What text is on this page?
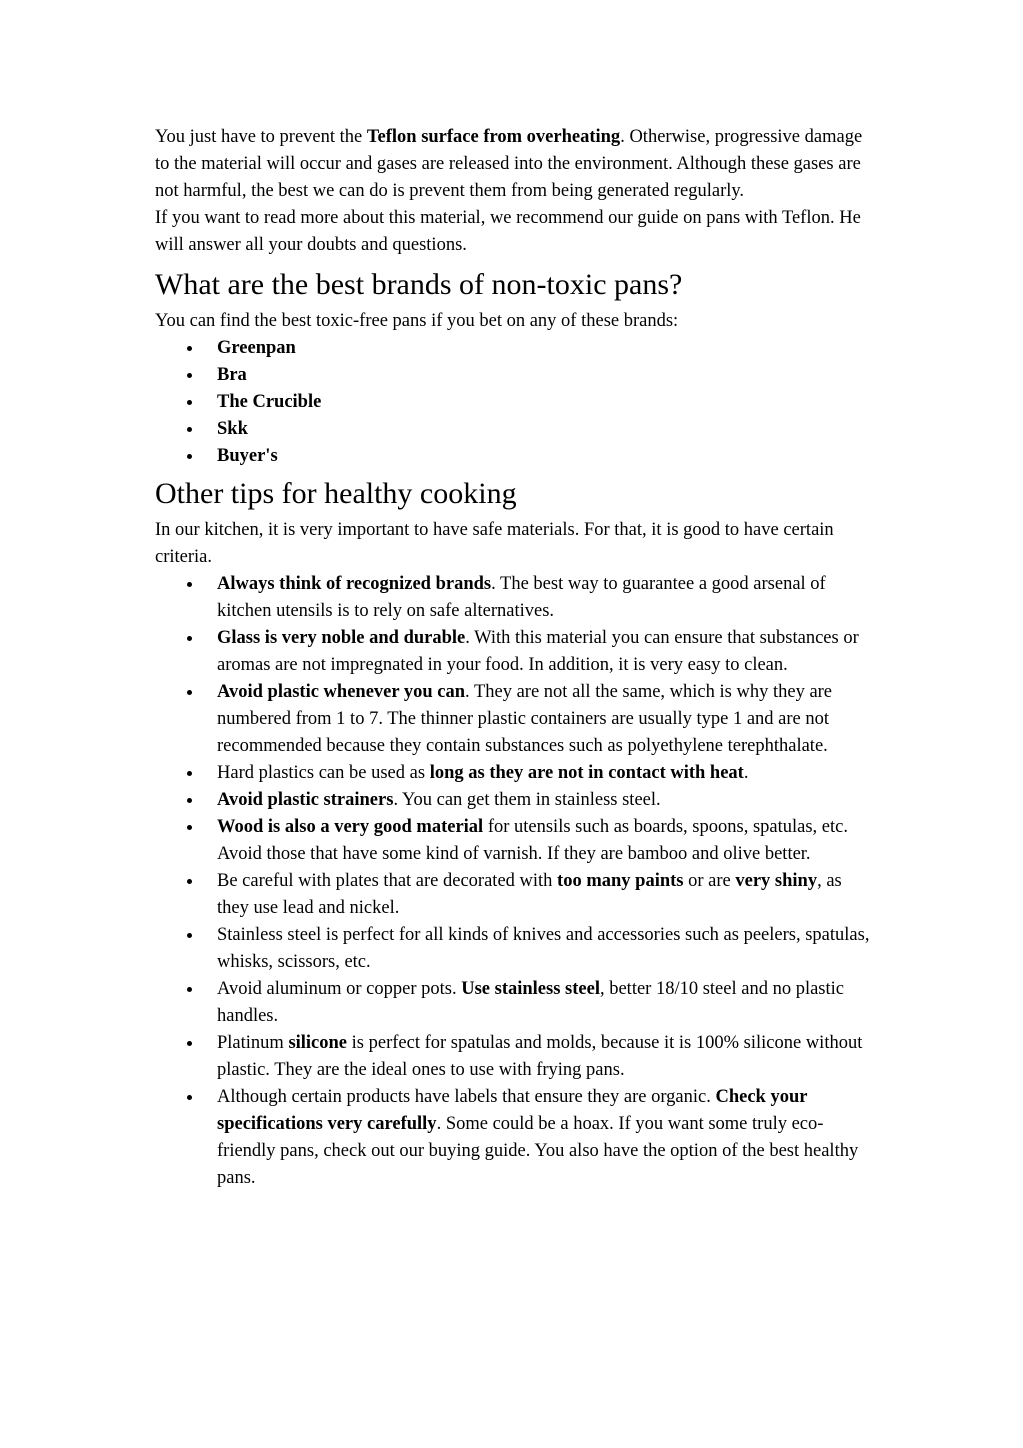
You just have to prevent the Teflon surface from overheating. Otherwise, progressive damage to the material will occur and gases are released into the environment. Although these gases are not harmful, the best we can do is prevent them from being generated regularly.

If you want to read more about this material, we recommend our guide on pans with Teflon. He will answer all your doubts and questions.

What are the best brands of non-toxic pans?

You can find the best toxic-free pans if you bet on any of these brands:

Greenpan
Bra
The Crucible
Skk
Buyer's
Other tips for healthy cooking

In our kitchen, it is very important to have safe materials. For that, it is good to have certain criteria.

Always think of recognized brands. The best way to guarantee a good arsenal of kitchen utensils is to rely on safe alternatives.
Glass is very noble and durable. With this material you can ensure that substances or aromas are not impregnated in your food. In addition, it is very easy to clean.
Avoid plastic whenever you can. They are not all the same, which is why they are numbered from 1 to 7. The thinner plastic containers are usually type 1 and are not recommended because they contain substances such as polyethylene terephthalate.
Hard plastics can be used as long as they are not in contact with heat.
Avoid plastic strainers. You can get them in stainless steel.
Wood is also a very good material for utensils such as boards, spoons, spatulas, etc. Avoid those that have some kind of varnish. If they are bamboo and olive better.
Be careful with plates that are decorated with too many paints or are very shiny, as they use lead and nickel.
Stainless steel is perfect for all kinds of knives and accessories such as peelers, spatulas, whisks, scissors, etc.
Avoid aluminum or copper pots. Use stainless steel, better 18/10 steel and no plastic handles.
Platinum silicone is perfect for spatulas and molds, because it is 100% silicone without plastic. They are the ideal ones to use with frying pans.
Although certain products have labels that ensure they are organic. Check your specifications very carefully. Some could be a hoax. If you want some truly eco-friendly pans, check out our buying guide. You also have the option of the best healthy pans.
